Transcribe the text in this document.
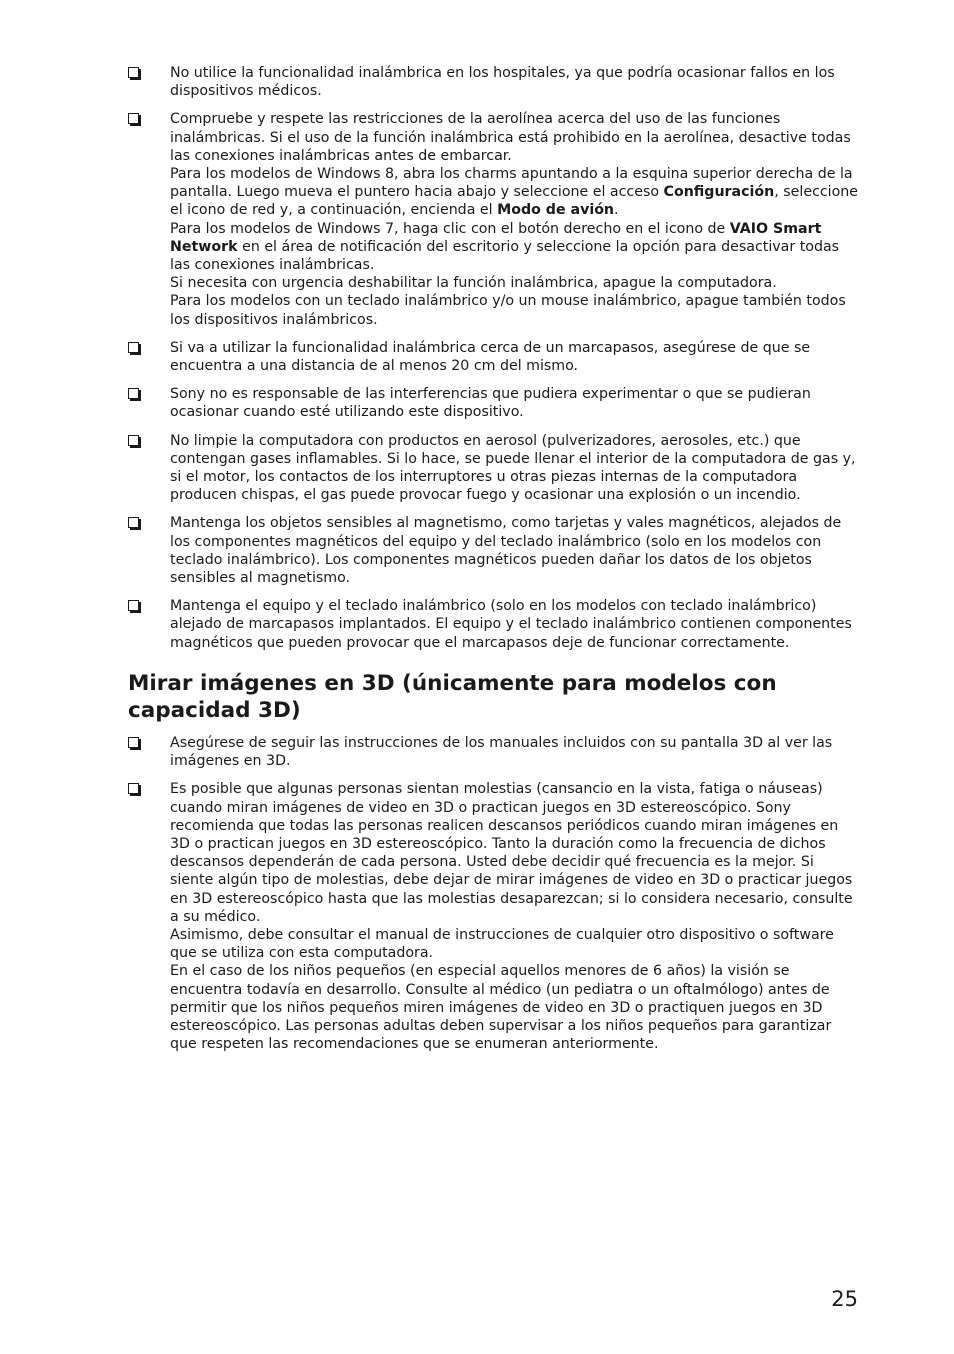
No utilice la funcionalidad inalámbrica en los hospitales, ya que podría ocasionar fallos en los dispositivos médicos.
Compruebe y respete las restricciones de la aerolínea acerca del uso de las funciones inalámbricas. Si el uso de la función inalámbrica está prohibido en la aerolínea, desactive todas las conexiones inalámbricas antes de embarcar.
Para los modelos de Windows 8, abra los charms apuntando a la esquina superior derecha de la pantalla. Luego mueva el puntero hacia abajo y seleccione el acceso Configuración, seleccione el icono de red y, a continuación, encienda el Modo de avión.
Para los modelos de Windows 7, haga clic con el botón derecho en el icono de VAIO Smart Network en el área de notificación del escritorio y seleccione la opción para desactivar todas las conexiones inalámbricas.
Si necesita con urgencia deshabilitar la función inalámbrica, apague la computadora.
Para los modelos con un teclado inalámbrico y/o un mouse inalámbrico, apague también todos los dispositivos inalámbricos.
Si va a utilizar la funcionalidad inalámbrica cerca de un marcapasos, asegúrese de que se encuentra a una distancia de al menos 20 cm del mismo.
Sony no es responsable de las interferencias que pudiera experimentar o que se pudieran ocasionar cuando esté utilizando este dispositivo.
No limpie la computadora con productos en aerosol (pulverizadores, aerosoles, etc.) que contengan gases inflamables. Si lo hace, se puede llenar el interior de la computadora de gas y, si el motor, los contactos de los interruptores u otras piezas internas de la computadora producen chispas, el gas puede provocar fuego y ocasionar una explosión o un incendio.
Mantenga los objetos sensibles al magnetismo, como tarjetas y vales magnéticos, alejados de los componentes magnéticos del equipo y del teclado inalámbrico (solo en los modelos con teclado inalámbrico). Los componentes magnéticos pueden dañar los datos de los objetos sensibles al magnetismo.
Mantenga el equipo y el teclado inalámbrico (solo en los modelos con teclado inalámbrico) alejado de marcapasos implantados. El equipo y el teclado inalámbrico contienen componentes magnéticos que pueden provocar que el marcapasos deje de funcionar correctamente.
Mirar imágenes en 3D (únicamente para modelos con capacidad 3D)
Asegúrese de seguir las instrucciones de los manuales incluidos con su pantalla 3D al ver las imágenes en 3D.
Es posible que algunas personas sientan molestias (cansancio en la vista, fatiga o náuseas) cuando miran imágenes de video en 3D o practican juegos en 3D estereoscópico. Sony recomienda que todas las personas realicen descansos periódicos cuando miran imágenes en 3D o practican juegos en 3D estereoscópico. Tanto la duración como la frecuencia de dichos descansos dependerán de cada persona. Usted debe decidir qué frecuencia es la mejor. Si siente algún tipo de molestias, debe dejar de mirar imágenes de video en 3D o practicar juegos en 3D estereoscópico hasta que las molestias desaparezcan; si lo considera necesario, consulte a su médico.
Asimismo, debe consultar el manual de instrucciones de cualquier otro dispositivo o software que se utiliza con esta computadora.
En el caso de los niños pequeños (en especial aquellos menores de 6 años) la visión se encuentra todavía en desarrollo. Consulte al médico (un pediatra o un oftalmólogo) antes de permitir que los niños pequeños miren imágenes de video en 3D o practiquen juegos en 3D estereoscópico. Las personas adultas deben supervisar a los niños pequeños para garantizar que respeten las recomendaciones que se enumeran anteriormente.
25
